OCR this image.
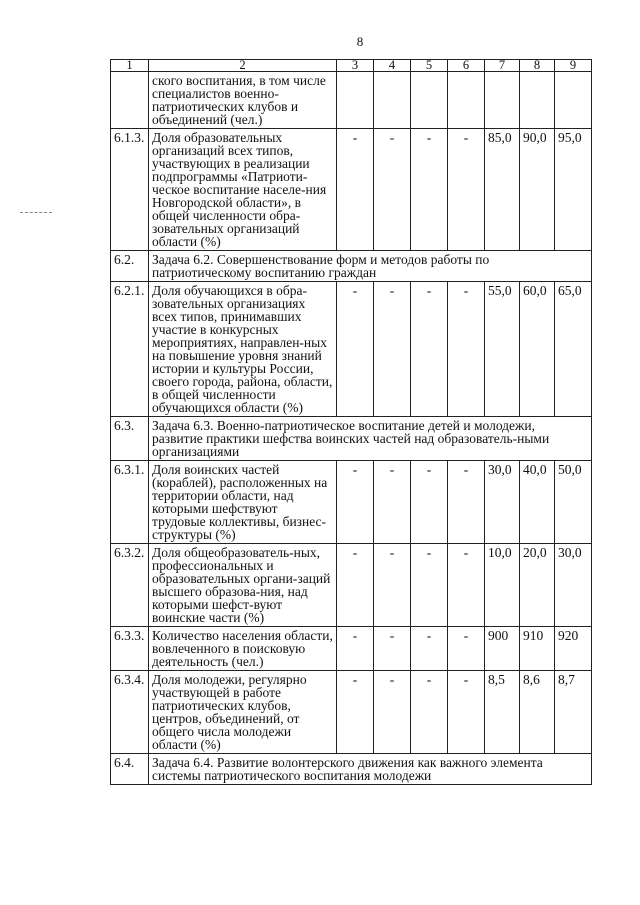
8
1	2	3	4	5	6	7	8	9
	ского воспитания, в том числе специалистов военно-патриотических клубов и объединений (чел.)							
6.1.3.	Доля образовательных организаций всех типов, участвующих в реализации подпрограммы «Патриоти-ческое воспитание населе-ния Новгородской области», в общей численности обра-зовательных организаций области (%)	-	-	-	-	85,0	90,0	95,0
6.2.	Задача 6.2. Совершенствование форм и методов работы по патриотическому воспитанию граждан							
6.2.1.	Доля обучающихся в обра-зовательных организациях всех типов, принимавших участие в конкурсных мероприятиях, направлен-ных на повышение уровня знаний истории и культуры России, своего города, района, области, в общей численности обучающихся области (%)	-	-	-	-	55,0	60,0	65,0
6.3.	Задача 6.3. Военно-патриотическое воспитание детей и молодежи, развитие практики шефства воинских частей над образователь-ными организациями							
6.3.1.	Доля воинских частей (кораблей), расположенных на территории области, над которыми шефствуют трудовые коллективы, бизнес-структуры (%)	-	-	-	-	30,0	40,0	50,0
6.3.2.	Доля общеобразователь-ных, профессиональных и образовательных органи-заций высшего образова-ния, над которыми шефст-вуют воинские части (%)	-	-	-	-	10,0	20,0	30,0
6.3.3.	Количество населения области, вовлеченного в поисковую деятельность (чел.)	-	-	-	-	900	910	920
6.3.4.	Доля молодежи, регулярно участвующей в работе патриотических клубов, центров, объединений, от общего числа молодежи области (%)	-	-	-	-	8,5	8,6	8,7
6.4.	Задача 6.4. Развитие волонтерского движения как важного элемента системы патриотического воспитания молодежи							
